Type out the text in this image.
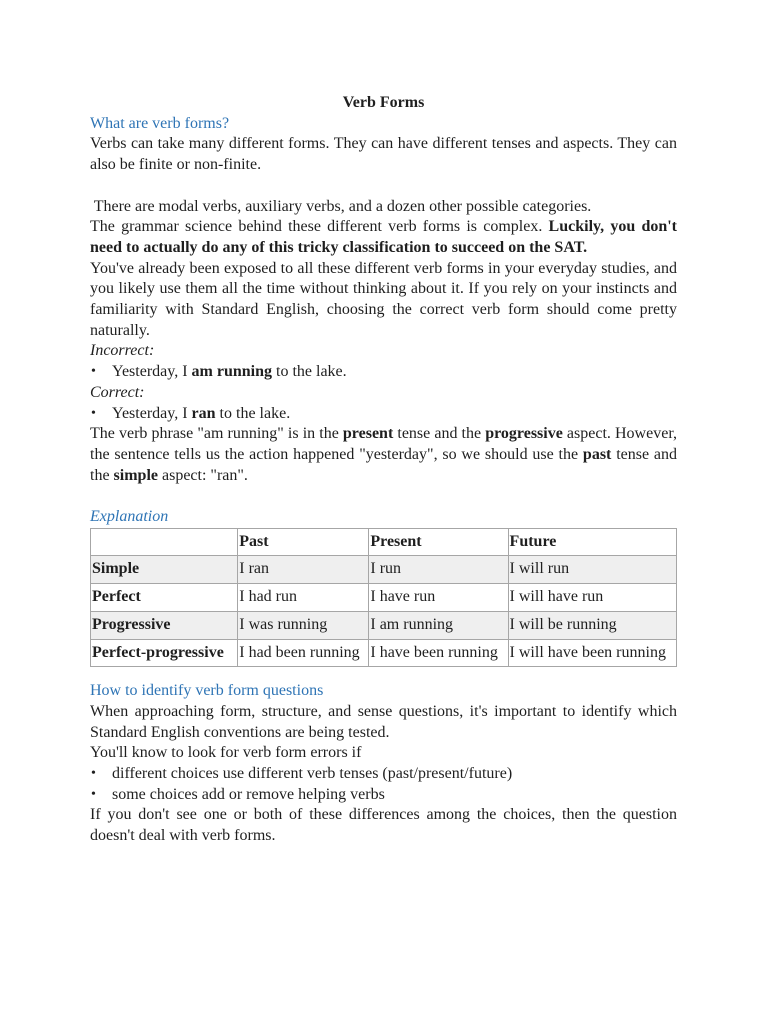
Verb Forms

What are verb forms?

Verbs can take many different forms. They can have different tenses and aspects. They can also be finite or non-finite.

There are modal verbs, auxiliary verbs, and a dozen other possible categories.

The grammar science behind these different verb forms is complex. Luckily, you don't need to actually do any of this tricky classification to succeed on the SAT.

You've already been exposed to all these different verb forms in your everyday studies, and you likely use them all the time without thinking about it. If you rely on your instincts and familiarity with Standard English, choosing the correct verb form should come pretty naturally.

Incorrect:
• Yesterday, I am running to the lake.
Correct:
• Yesterday, I ran to the lake.

The verb phrase "am running" is in the present tense and the progressive aspect. However, the sentence tells us the action happened "yesterday", so we should use the past tense and the simple aspect: "ran".

Explanation

	Past	Present	Future
Simple	I ran	I run	I will run
Perfect	I had run	I have run	I will have run
Progressive	I was running	I am running	I will be running
Perfect-progressive	I had been running	I have been running	I will have been running

How to identify verb form questions

When approaching form, structure, and sense questions, it's important to identify which Standard English conventions are being tested.

You'll know to look for verb form errors if

• different choices use different verb tenses (past/present/future)
• some choices add or remove helping verbs

If you don't see one or both of these differences among the choices, then the question doesn't deal with verb forms.
